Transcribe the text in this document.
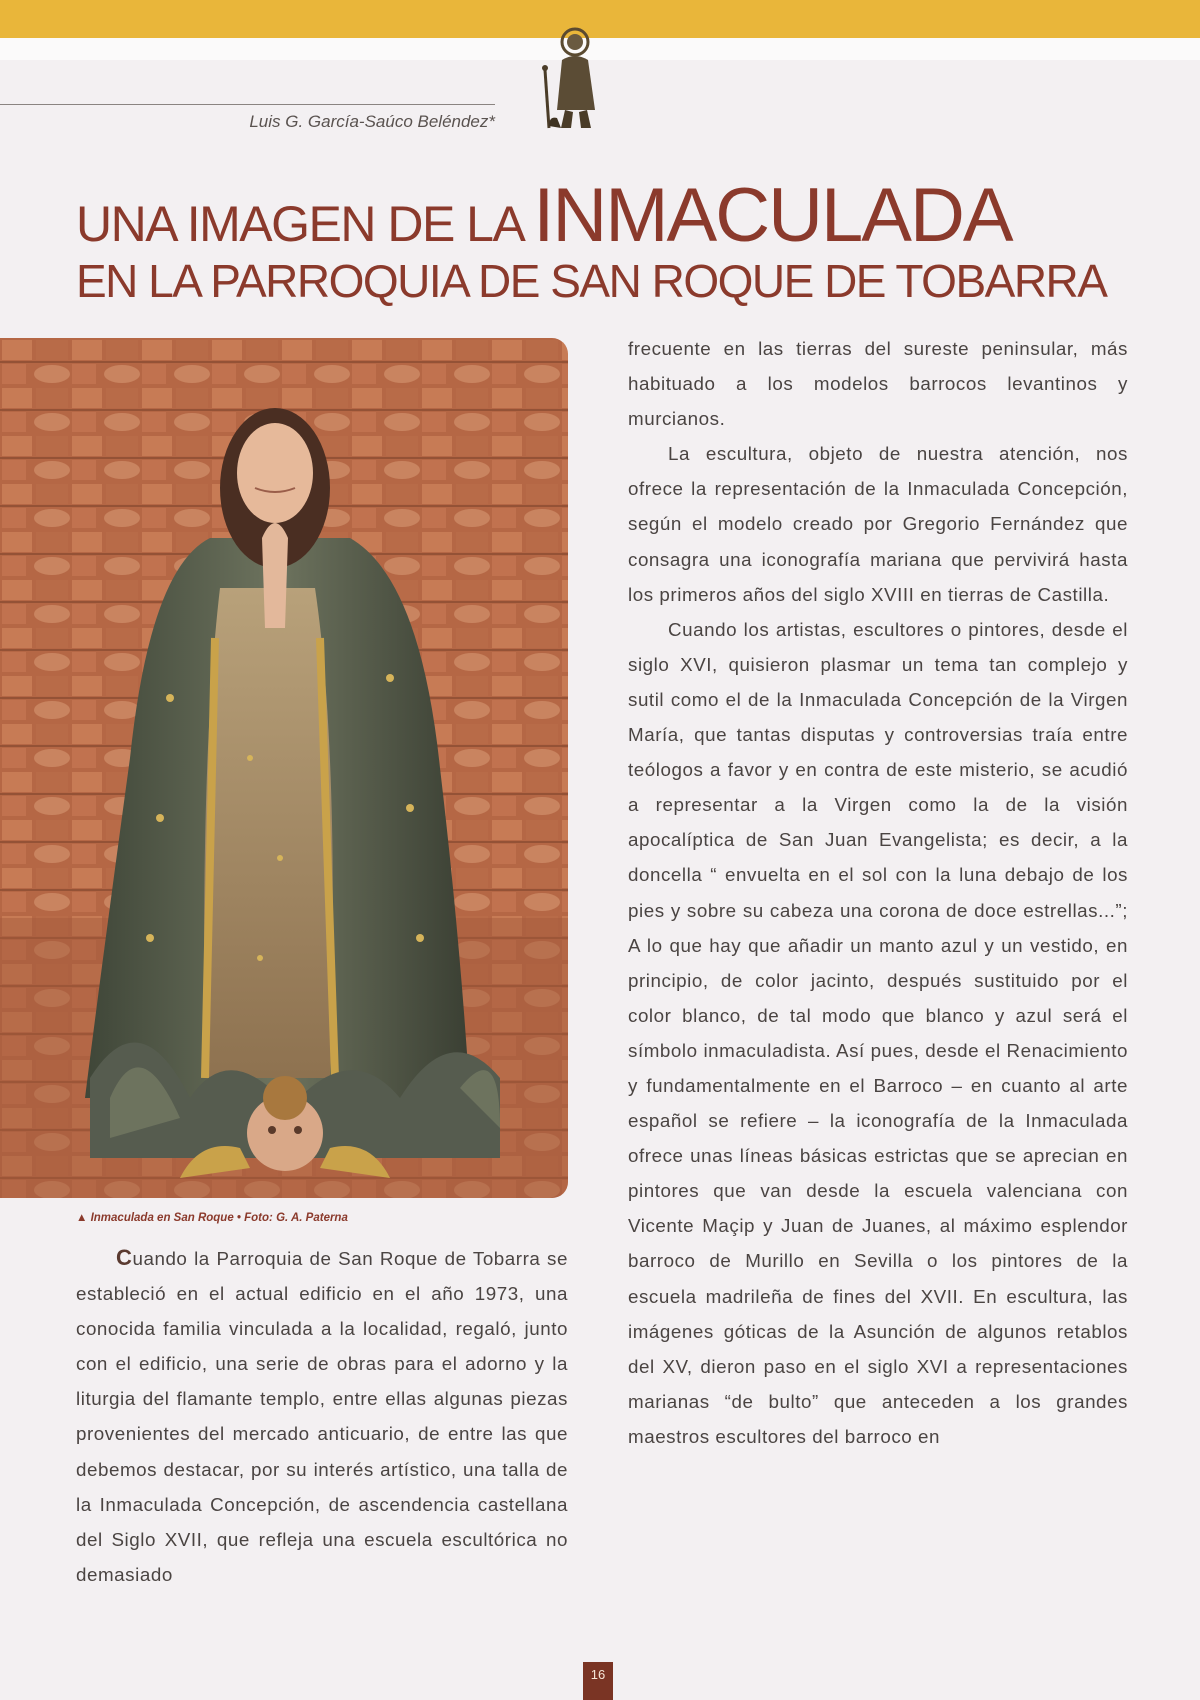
Luis G. García-Saúco Beléndez*
UNA IMAGEN DE LA INMACULADA
EN LA PARROQUIA DE SAN ROQUE DE TOBARRA
▲ Inmaculada en San Roque • Foto: G. A. Paterna

Cuando la Parroquia de San Roque de Tobarra se estableció en el actual edificio en el año 1973, una conocida familia vinculada a la localidad, regaló, junto con el edificio, una serie de obras para el adorno y la liturgia del flamante templo, entre ellas algunas piezas provenientes del mercado anticuario, de entre las que debemos destacar, por su interés artístico, una talla de la Inmaculada Concepción, de ascendencia castellana del Siglo XVII, que refleja una escuela escultórica no demasiado

frecuente en las tierras del sureste peninsular, más habituado a los modelos barrocos levantinos y murcianos.

La escultura, objeto de nuestra atención, nos ofrece la representación de la Inmaculada Concepción, según el modelo creado por Gregorio Fernández que consagra una iconografía mariana que pervivirá hasta los primeros años del siglo XVIII en tierras de Castilla.

Cuando los artistas, escultores o pintores, desde el siglo XVI, quisieron plasmar un tema tan complejo y sutil como el de la Inmaculada Concepción de la Virgen María, que tantas disputas y controversias traía entre teólogos a favor y en contra de este misterio, se acudió a representar a la Virgen como la de la visión apocalíptica de San Juan Evangelista; es decir, a la doncella “ envuelta en el sol con la luna debajo de los pies y sobre su cabeza una corona de doce estrellas...”; A lo que hay que añadir un manto azul y un vestido, en principio, de color jacinto, después sustituido por el color blanco, de tal modo que blanco y azul será el símbolo inmaculadista. Así pues, desde el Renacimiento y fundamentalmente en el Barroco – en cuanto al arte español se refiere – la iconografía de la Inmaculada ofrece unas líneas básicas estrictas que se aprecian en pintores que van desde la escuela valenciana con Vicente Maçip y Juan de Juanes, al máximo esplendor barroco de Murillo en Sevilla o los pintores de la escuela madrileña de fines del XVII. En escultura, las imágenes góticas de la Asunción de algunos retablos del XV, dieron paso en el siglo XVI a representaciones marianas “de bulto” que anteceden a los grandes maestros escultores del barroco en

16
